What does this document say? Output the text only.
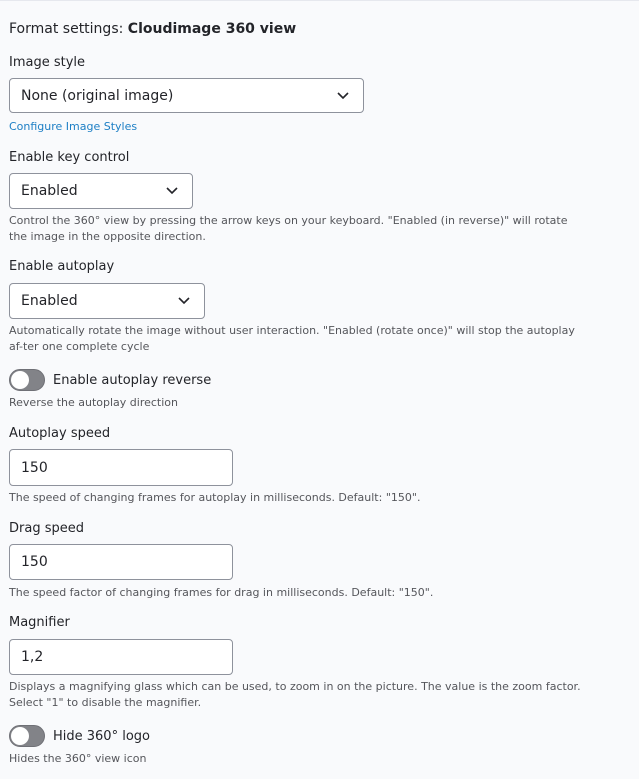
Format settings: Cloudimage 360 view
Image style
None (original image)
Configure Image Styles
Enable key control
Enabled
Control the 360° view by pressing the arrow keys on your keyboard. "Enabled (in reverse)" will rotate the image in the opposite direction.
Enable autoplay
Enabled
Automatically rotate the image without user interaction. "Enabled (rotate once)" will stop the autoplay af-ter one complete cycle
Enable autoplay reverse
Reverse the autoplay direction
Autoplay speed
150
The speed of changing frames for autoplay in milliseconds. Default: "150".
Drag speed
150
The speed factor of changing frames for drag in milliseconds. Default: "150".
Magnifier
1,2
Displays a magnifying glass which can be used, to zoom in on the picture. The value is the zoom factor.
Select "1" to disable the magnifier.
Hide 360° logo
Hides the 360° view icon
